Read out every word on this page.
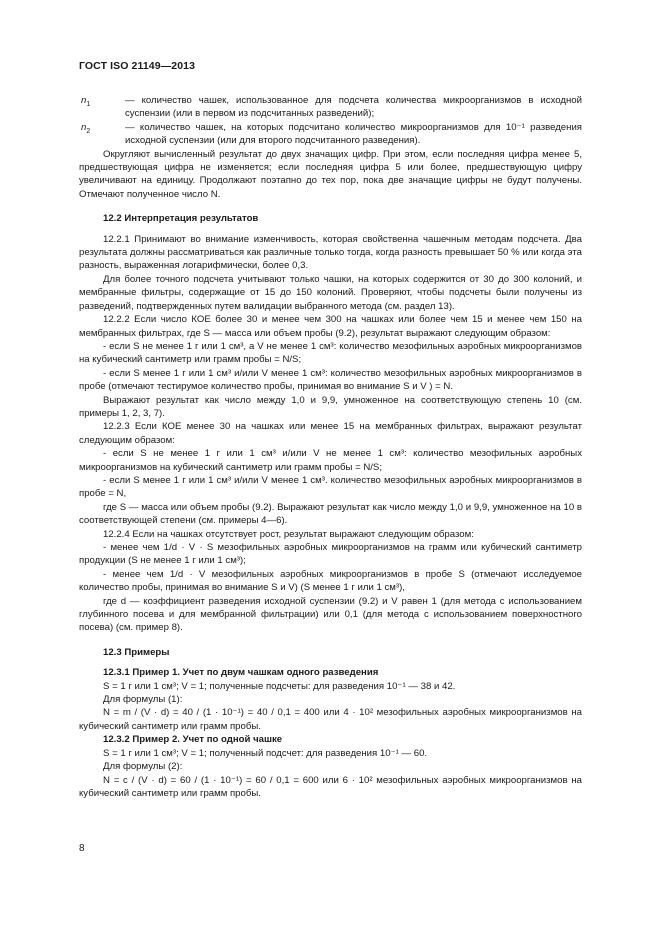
ГОСТ ISO 21149—2013
$n_1$	— количество чашек, использованное для подсчета количества микроорганизмов в исходной суспензии (или в первом из подсчитанных разведений);
$n_2$	— количество чашек, на которых подсчитано количество микроорганизмов для 10⁻¹ разведения исходной суспензии (или для второго подсчитанного разведения).

Округляют вычисленный результат до двух значащих цифр. При этом, если последняя цифра менее 5, предшествующая цифра не изменяется; если последняя цифра 5 или более, предшествующую цифру увеличивают на единицу. Продолжают поэтапно до тех пор, пока две значащие цифры не будут получены. Отмечают полученное число N.

12.2 Интерпретация результатов

12.2.1 Принимают во внимание изменчивость, которая свойственна чашечным методам подсчета. Два результата должны рассматриваться как различные только тогда, когда разность превышает 50 % или когда эта разность, выраженная логарифмически, более 0,3.

Для более точного подсчета учитывают только чашки, на которых содержится от 30 до 300 колоний, и мембранные фильтры, содержащие от 15 до 150 колоний. Проверяют, чтобы подсчеты были получены из разведений, подтвержденных путем валидации выбранного метода (см. раздел 13).

12.2.2 Если число КОЕ более 30 и менее чем 300 на чашках или более чем 15 и менее чем 150 на мембранных фильтрах, где S — масса или объем пробы (9.2), результат выражают следующим образом:

- если S не менее 1 г или 1 см³, а V не менее 1 см³: количество мезофильных аэробных микроорганизмов на кубический сантиметр или грамм пробы = N/S;

- если S менее 1 г или 1 см³ и/или V менее 1 см³: количество мезофильных аэробных микроорганизмов в пробе (отмечают тестирумое количество пробы, принимая во внимание S и V ) = N.

Выражают результат как число между 1,0 и 9,9, умноженное на соответствующую степень 10 (см. примеры 1, 2, 3, 7).

12.2.3 Если КОЕ менее 30 на чашках или менее 15 на мембранных фильтрах, выражают результат следующим образом:

- если S не менее 1 г или 1 см³ и/или V не менее 1 см³: количество мезофильных аэробных микроорганизмов на кубический сантиметр или грамм пробы = N/S;

- если S менее 1 г или 1 см³ и/или V менее 1 см³. количество мезофильных аэробных микроорганизмов в пробе = N,

где S — масса или объем пробы (9.2). Выражают результат как число между 1,0 и 9,9, умноженное на 10 в соответствующей степени (см. примеры 4—6).

12.2.4 Если на чашках отсутствует рост, результат выражают следующим образом:

- менее чем 1/d · V · S мезофильных аэробных микроорганизмов на грамм или кубический сантиметр продукции (S не менее 1 г или 1 см³);

- менее чем 1/d · V мезофильных аэробных микроорганизмов в пробе S (отмечают исследуемое количество пробы, принимая во внимание S и V) (S менее 1 г или 1 см³),

где d — коэффициент разведения исходной суспензии (9.2) и V равен 1 (для метода с использованием глубинного посева и для мембранной фильтрации) или 0,1 (для метода с использованием поверхностного посева) (см. пример 8).

12.3 Примеры

12.3.1 Пример 1. Учет по двум чашкам одного разведения

S = 1 г или 1 см³; V = 1; полученные подсчеты: для разведения 10⁻¹ — 38 и 42.

Для формулы (1):

N = m / (V · d) = 40 / (1 · 10⁻¹) = 40 / 0,1 = 400 или 4 · 10² мезофильных аэробных микроорганизмов на кубический сантиметр или грамм пробы.

12.3.2 Пример 2. Учет по одной чашке

S = 1 г или 1 см³; V = 1; полученный подсчет: для разведения 10⁻¹ — 60.

Для формулы (2):

N = c / (V · d) = 60 / (1 · 10⁻¹) = 60 / 0,1 = 600 или 6 · 10² мезофильных аэробных микроорганизмов на кубический сантиметр или грамм пробы.

8
